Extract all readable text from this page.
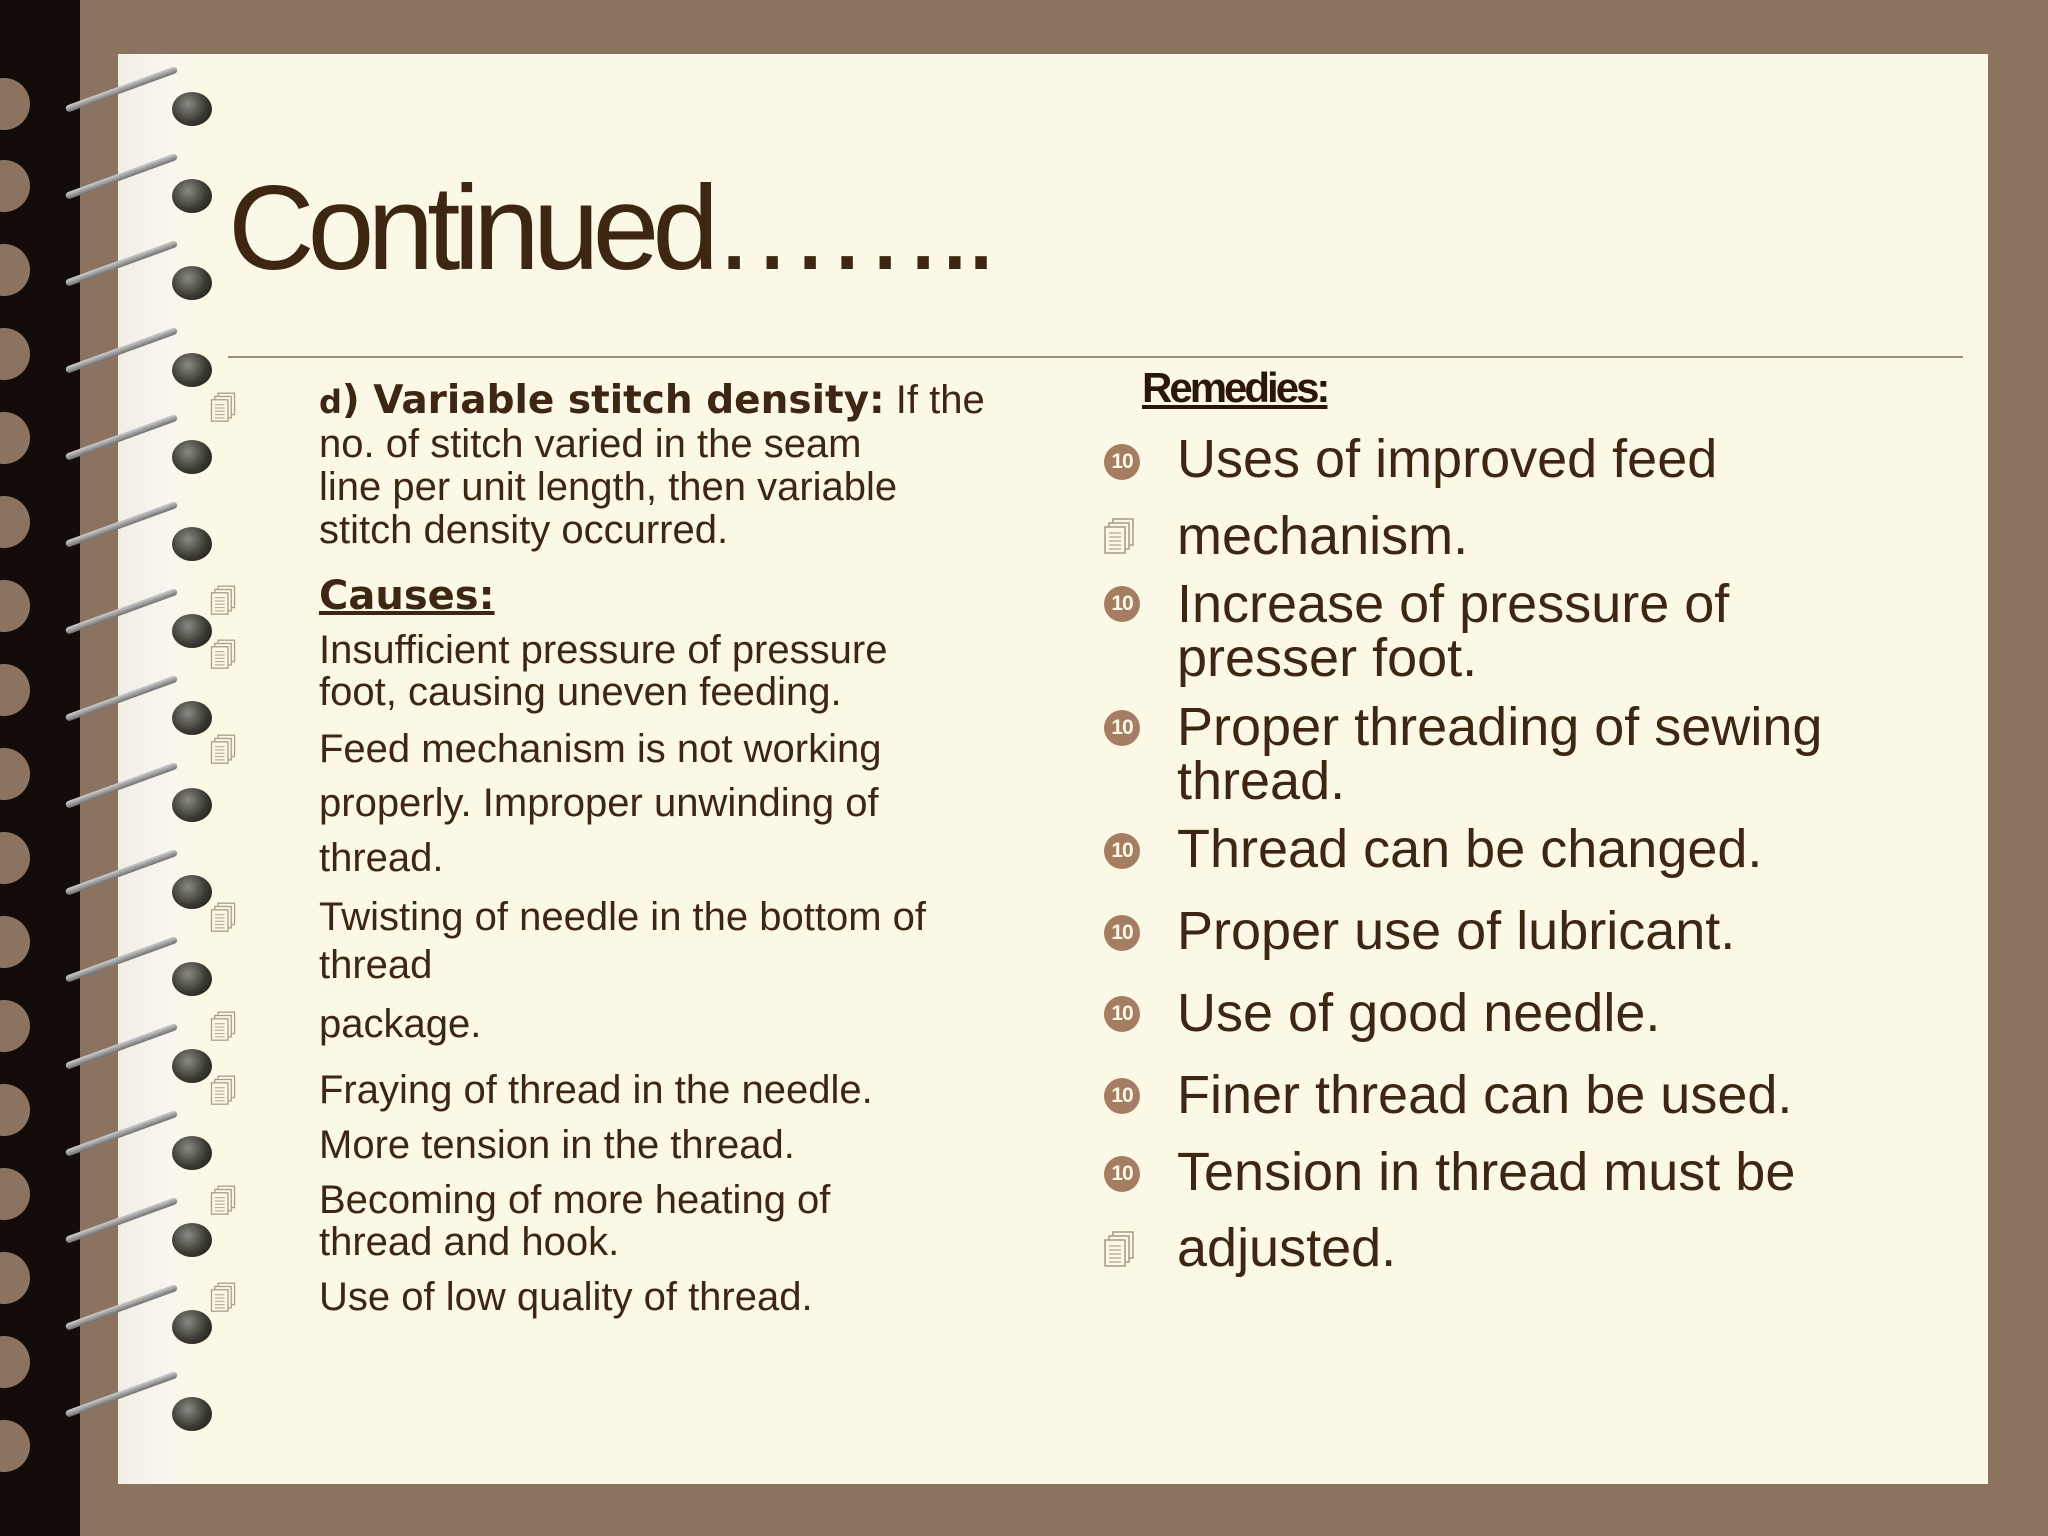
Continued……..
d) Variable stitch density: If the
no. of stitch varied in the seam
line per unit length, then variable
stitch density occurred.
Causes:
Insufficient pressure of pressure
foot, causing uneven feeding.
Feed mechanism is not working
properly. Improper unwinding of
thread.
Twisting of needle in the bottom of
thread
package.
Fraying of thread in the needle.
More tension in the thread.
Becoming of more heating of
thread and hook.
Use of low quality of thread.
Remedies:
10 Uses of improved feed
mechanism.
10 Increase of pressure of
presser foot.
10 Proper threading of sewing
thread.
10 Thread can be changed.
10 Proper use of lubricant.
10 Use of good needle.
10 Finer thread can be used.
10 Tension in thread must be
adjusted.
